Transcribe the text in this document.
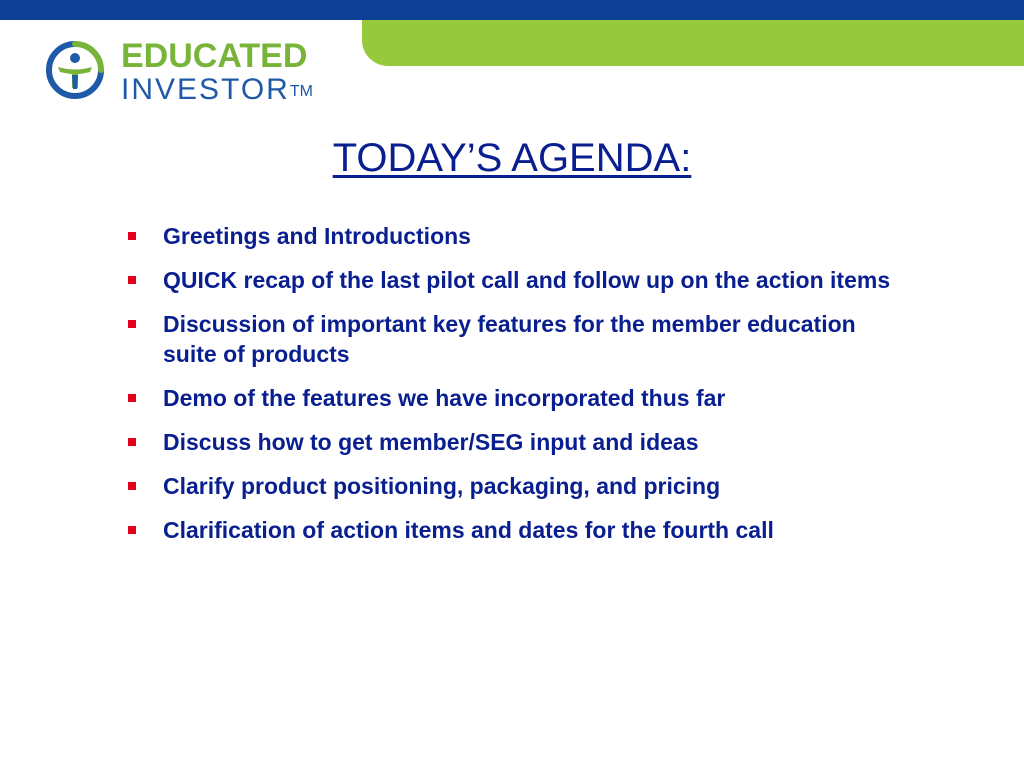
EDUCATED
INVESTOR™
TODAY’S AGENDA:
Greetings and Introductions
QUICK recap of the last pilot call and follow up on the action items
Discussion of important key features for the member education suite of products
Demo of the features we have incorporated thus far
Discuss how to get member/SEG input and ideas
Clarify product positioning, packaging, and pricing
Clarification of action items and dates for the fourth call
